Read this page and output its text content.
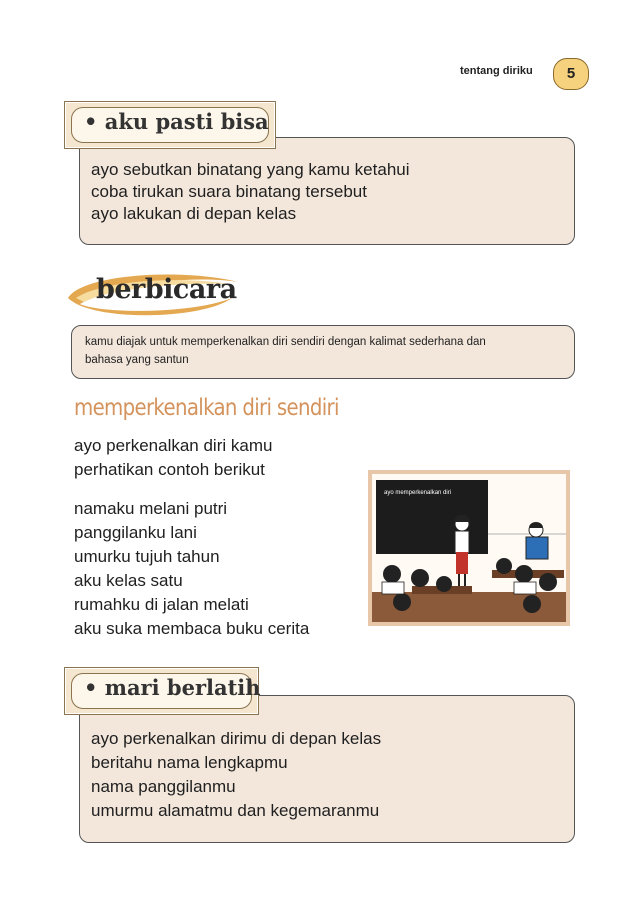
tentang diriku	5
ayo sebutkan binatang yang kamu ketahui
coba tirukan suara binatang tersebut
ayo lakukan di depan kelas
• aku pasti bisa
berbicara
kamu diajak untuk memperkenalkan diri sendiri dengan kalimat sederhana dan
bahasa yang santun
memperkenalkan diri sendiri
ayo perkenalkan diri kamu
perhatikan contoh berikut
namaku melani putri
panggilanku lani
umurku tujuh tahun
aku kelas satu
rumahku di jalan melati
aku suka membaca buku cerita
ayo memperkenalkan diri
ayo perkenalkan dirimu di depan kelas
beritahu nama lengkapmu
nama panggilanmu
umurmu alamatmu dan kegemaranmu
• mari berlatih
